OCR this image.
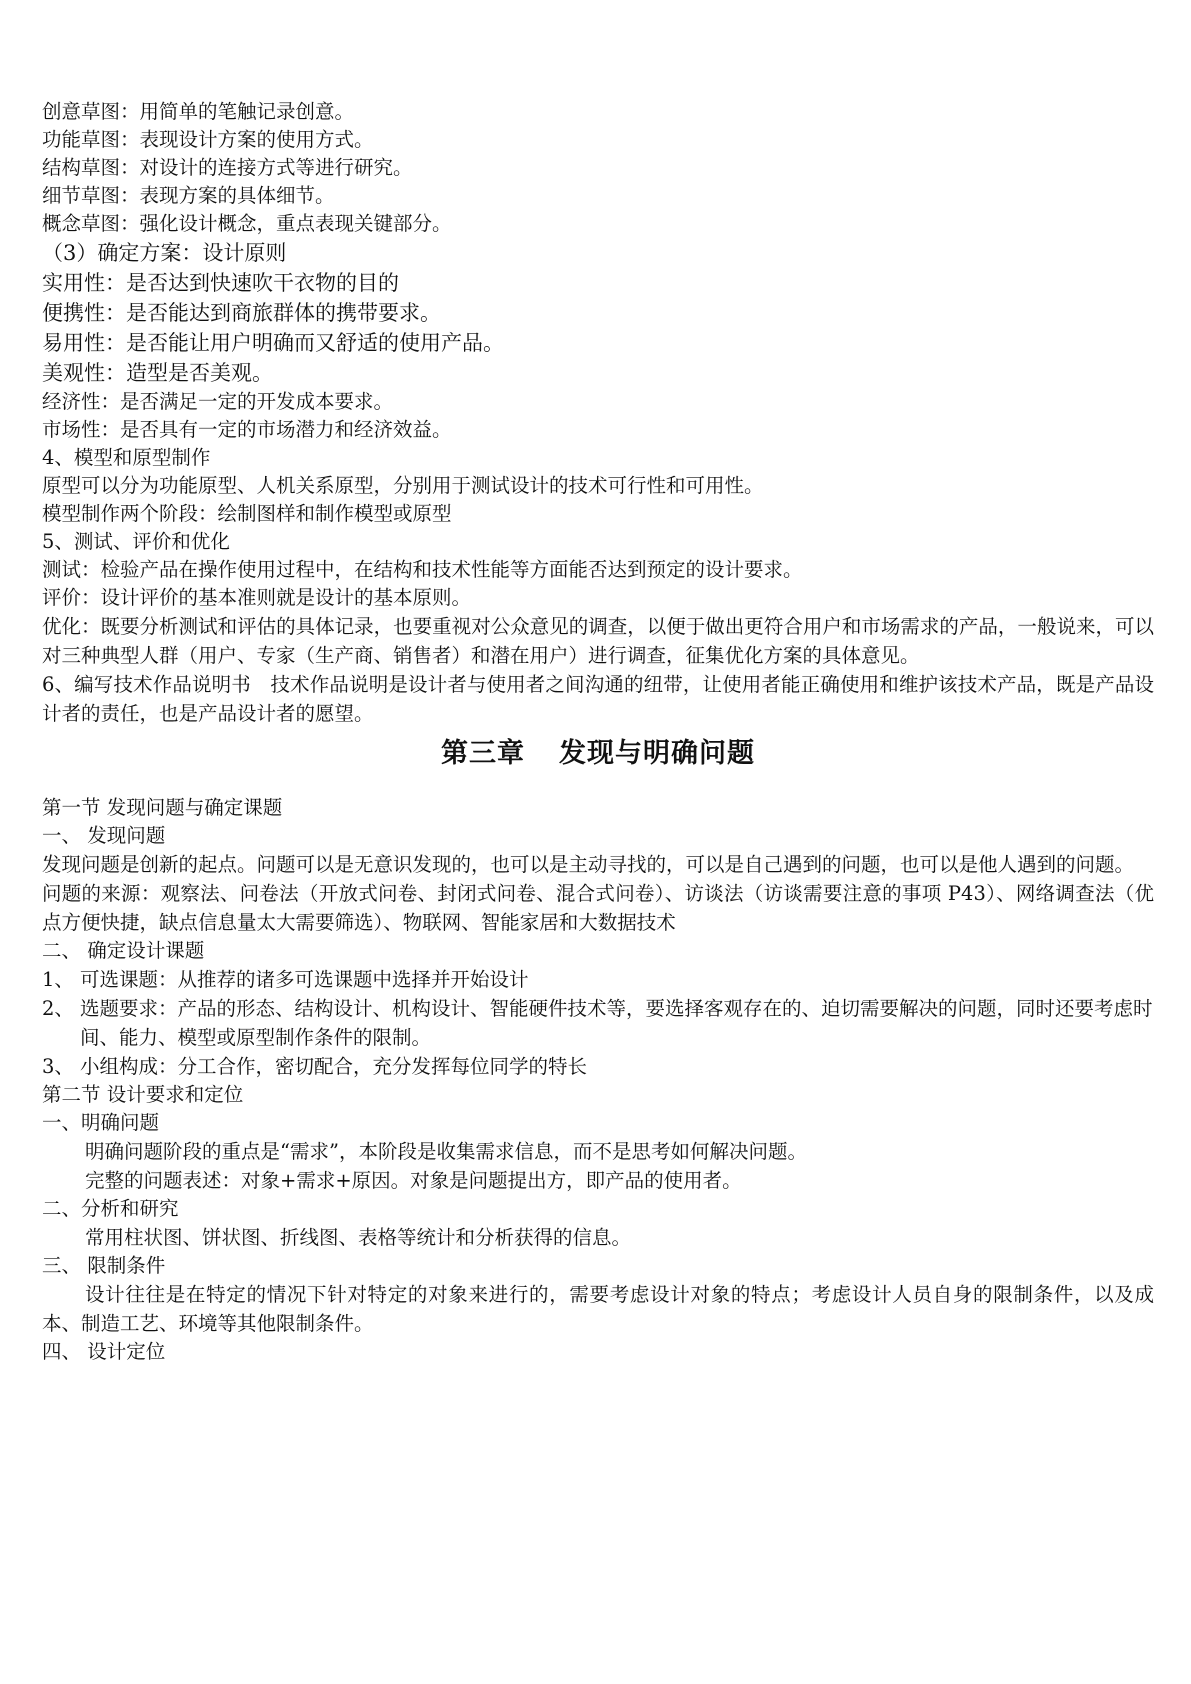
创意草图：用简单的笔触记录创意。

功能草图：表现设计方案的使用方式。

结构草图：对设计的连接方式等进行研究。

细节草图：表现方案的具体细节。

概念草图：强化设计概念，重点表现关键部分。

（3）确定方案：设计原则

实用性：是否达到快速吹干衣物的目的

便携性：是否能达到商旅群体的携带要求。

易用性：是否能让用户明确而又舒适的使用产品。

美观性：造型是否美观。

经济性：是否满足一定的开发成本要求。

市场性：是否具有一定的市场潜力和经济效益。

4、模型和原型制作

原型可以分为功能原型、人机关系原型，分别用于测试设计的技术可行性和可用性。

模型制作两个阶段：绘制图样和制作模型或原型

5、测试、评价和优化

测试：检验产品在操作使用过程中，在结构和技术性能等方面能否达到预定的设计要求。

评价：设计评价的基本准则就是设计的基本原则。

优化：既要分析测试和评估的具体记录，也要重视对公众意见的调查，以便于做出更符合用户和市场需求的产品，一般说来，可以对三种典型人群（用户、专家（生产商、销售者）和潜在用户）进行调查，征集优化方案的具体意见。

6、编写技术作品说明书　技术作品说明是设计者与使用者之间沟通的纽带，让使用者能正确使用和维护该技术产品，既是产品设计者的责任，也是产品设计者的愿望。

第三章 发现与明确问题

第一节 发现问题与确定课题

一、 发现问题

发现问题是创新的起点。问题可以是无意识发现的，也可以是主动寻找的，可以是自己遇到的问题，也可以是他人遇到的问题。

问题的来源：观察法、问卷法（开放式问卷、封闭式问卷、混合式问卷）、访谈法（访谈需要注意的事项 P43）、网络调查法（优点方便快捷，缺点信息量太大需要筛选）、物联网、智能家居和大数据技术

二、 确定设计课题

1、 可选课题：从推荐的诸多可选课题中选择并开始设计
2、 选题要求：产品的形态、结构设计、机构设计、智能硬件技术等，要选择客观存在的、迫切需要解决的问题，同时还要考虑时间、能力、模型或原型制作条件的限制。
3、 小组构成：分工合作，密切配合，充分发挥每位同学的特长

第二节 设计要求和定位

一、明确问题

明确问题阶段的重点是“需求”，本阶段是收集需求信息，而不是思考如何解决问题。

完整的问题表述：对象+需求+原因。对象是问题提出方，即产品的使用者。

二、分析和研究

常用柱状图、饼状图、折线图、表格等统计和分析获得的信息。

三、 限制条件

设计往往是在特定的情况下针对特定的对象来进行的，需要考虑设计对象的特点；考虑设计人员自身的限制条件，以及成本、制造工艺、环境等其他限制条件。

四、 设计定位
